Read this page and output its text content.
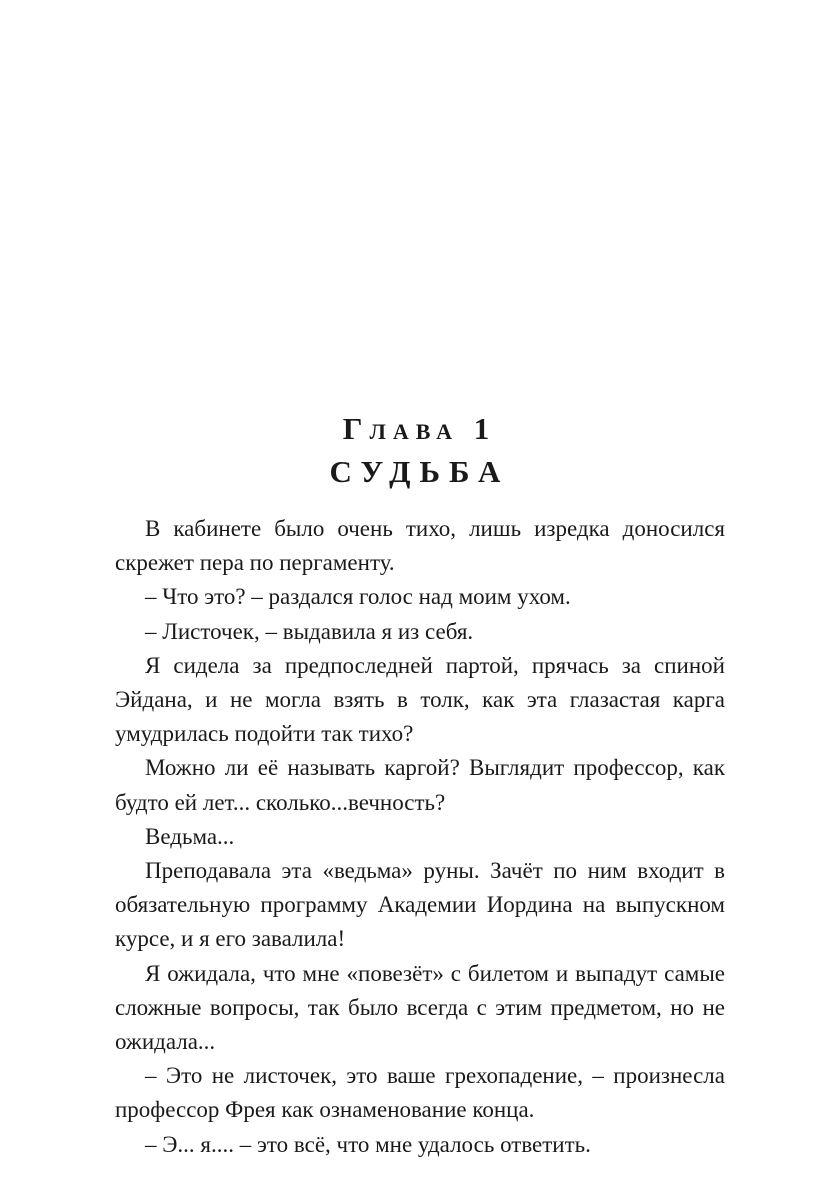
Глава 1
СУДЬБА

В кабинете было очень тихо, лишь изредка доносился скрежет пера по пергаменту.

– Что это? – раздался голос над моим ухом.

– Листочек, – выдавила я из себя.

Я сидела за предпоследней партой, прячась за спиной Эйдана, и не могла взять в толк, как эта глазастая карга умудрилась подойти так тихо?

Можно ли её называть каргой? Выглядит профессор, как будто ей лет... сколько...вечность?

Ведьма...

Преподавала эта «ведьма» руны. Зачёт по ним входит в обязательную программу Академии Иордина на выпускном курсе, и я его завалила!

Я ожидала, что мне «повезёт» с билетом и выпадут самые сложные вопросы, так было всегда с этим предметом, но не ожидала...

– Это не листочек, это ваше грехопадение, – произнесла профессор Фрея как ознаменование конца.

– Э... я.... – это всё, что мне удалось ответить.
